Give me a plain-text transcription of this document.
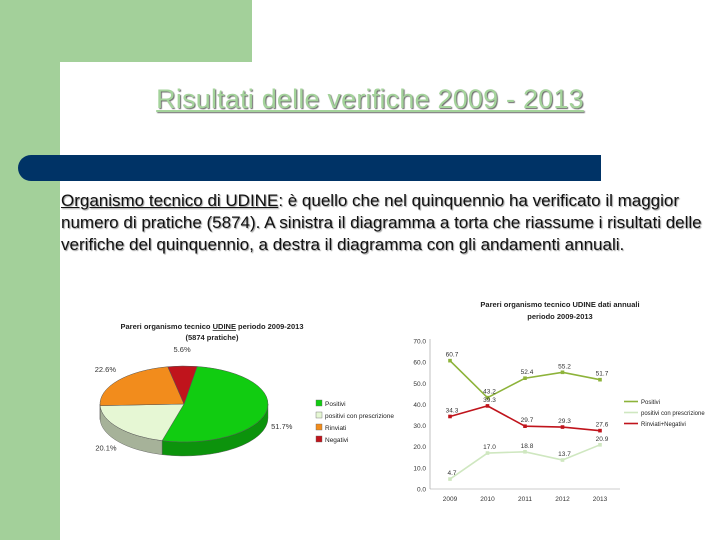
Risultati delle verifiche 2009 - 2013
Organismo tecnico di UDINE: è quello che nel quinquennio ha verificato il maggior numero di pratiche (5874). A sinistra il diagramma a torta che riassume i risultati delle verifiche del quinquennio, a destra il diagramma con gli andamenti annuali.
Pareri organismo tecnico UDINE periodo 2009-2013
(5874 pratiche)
51.7%
20.1%
22.6%
5.6%
Positivi
positivi con prescrizione
Rinviati
Negativi
Pareri organismo tecnico UDINE dati annuali
periodo 2009-2013
0.0
10.0
20.0
30.0
40.0
50.0
60.0
70.0
2009	2010	2011	2012	2013
60.7
43.2
52.4
55.2
51.7
4.7
17.0	18.8
13.7
20.9
34.3
39.3
29.7	29.3
27.6
Positivi
positivi con prescrizione
Rinviati+Negativi
